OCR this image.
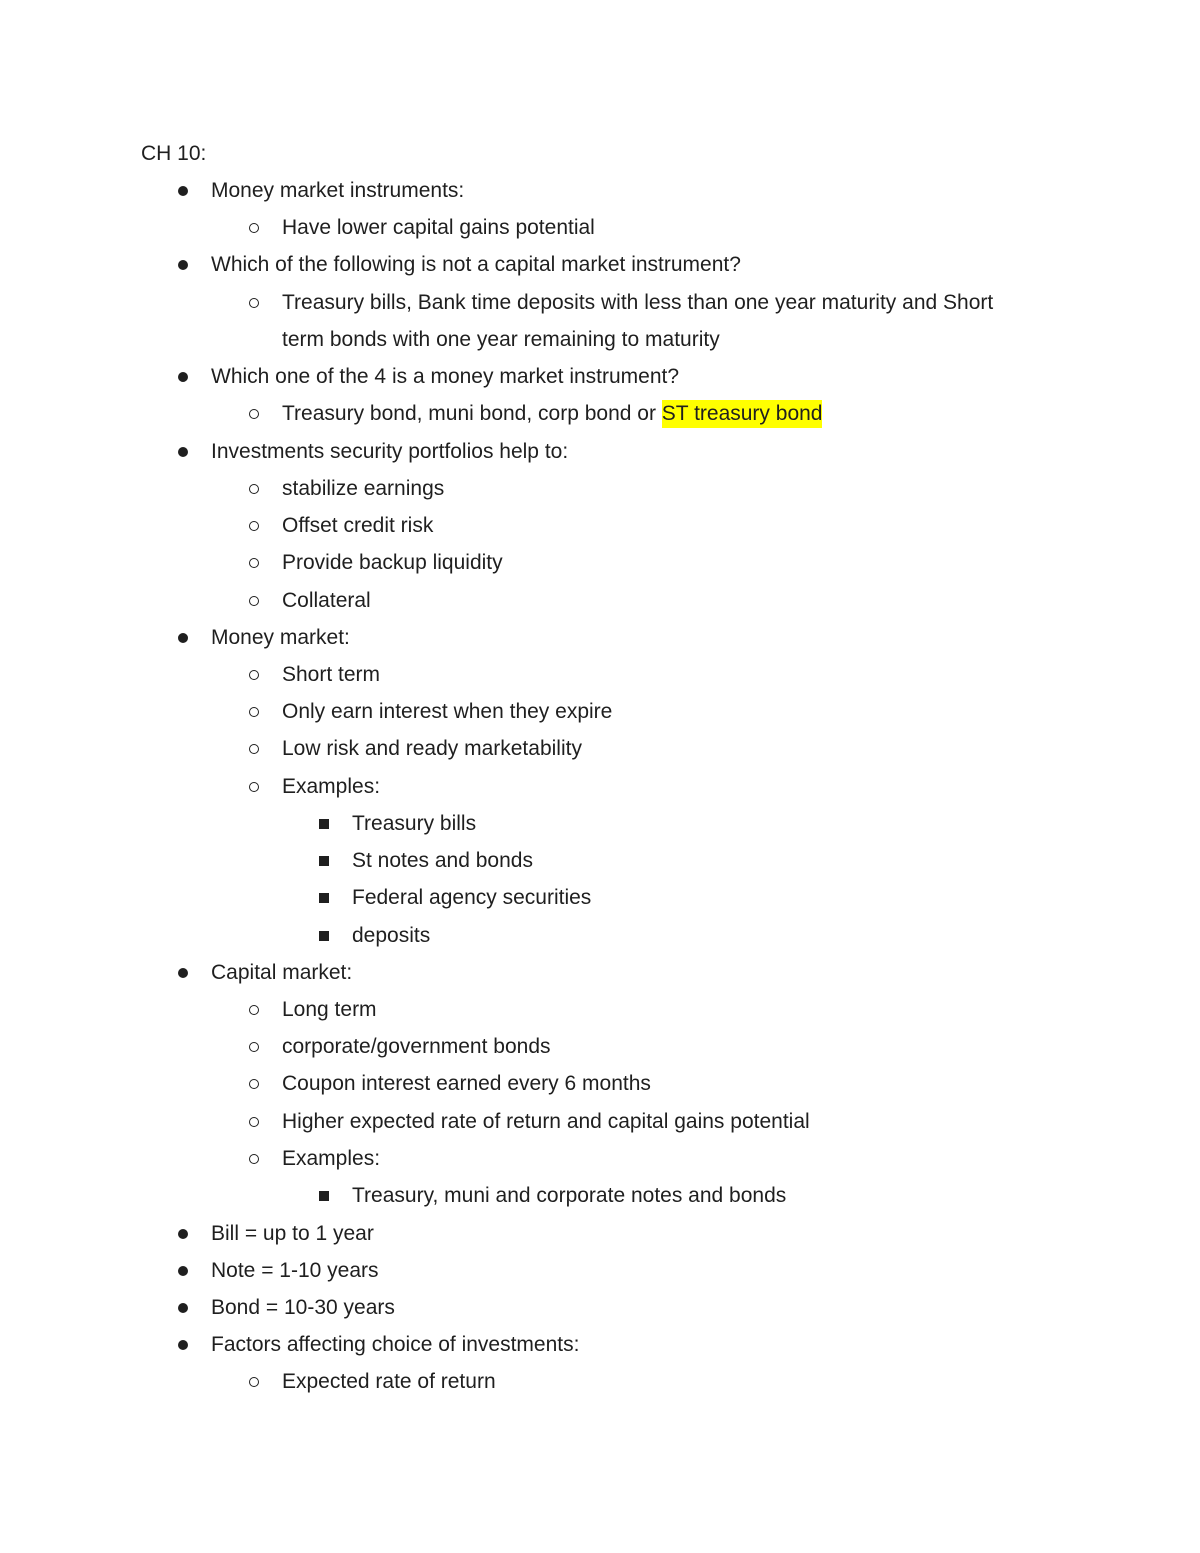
CH 10:
Money market instruments:
Have lower capital gains potential
Which of the following is not a capital market instrument?
Treasury bills, Bank time deposits with less than one year maturity and Short
term bonds with one year remaining to maturity
Which one of the 4 is a money market instrument?
Treasury bond, muni bond, corp bond or ST treasury bond
Investments security portfolios help to:
stabilize earnings
Offset credit risk
Provide backup liquidity
Collateral
Money market:
Short term
Only earn interest when they expire
Low risk and ready marketability
Examples:
Treasury bills
St notes and bonds
Federal agency securities
deposits
Capital market:
Long term
corporate/government bonds
Coupon interest earned every 6 months
Higher expected rate of return and capital gains potential
Examples:
Treasury, muni and corporate notes and bonds
Bill = up to 1 year
Note = 1-10 years
Bond = 10-30 years
Factors affecting choice of investments:
Expected rate of return
